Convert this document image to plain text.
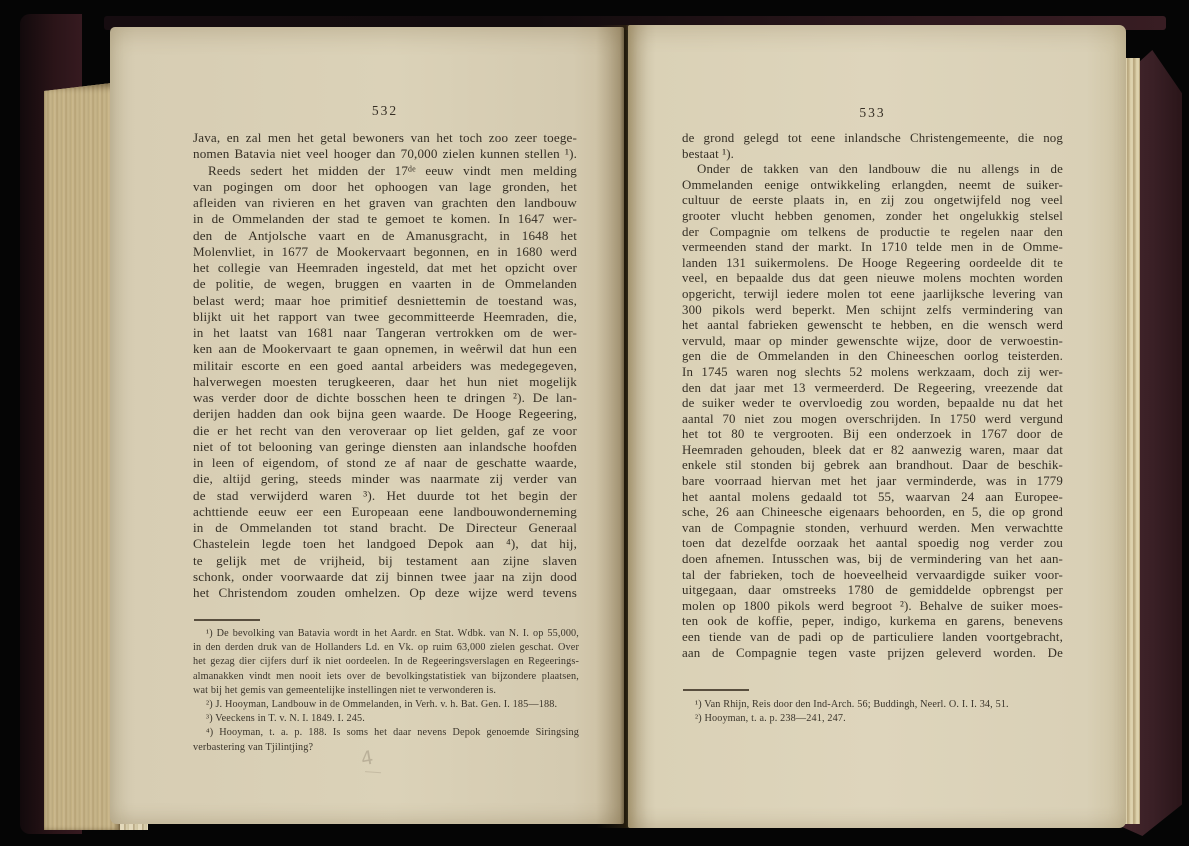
532
Java, en zal men het getal bewoners van het toch zoo zeer toege-
nomen Batavia niet veel hooger dan 70,000 zielen kunnen stellen ¹).
Reeds sedert het midden der 17ᵈᵉ eeuw vindt men melding
van pogingen om door het ophoogen van lage gronden, het
afleiden van rivieren en het graven van grachten den landbouw
in de Ommelanden der stad te gemoet te komen. In 1647 wer-
den de Antjolsche vaart en de Amanusgracht, in 1648 het
Molenvliet, in 1677 de Mookervaart begonnen, en in 1680 werd
het collegie van Heemraden ingesteld, dat met het opzicht over
de politie, de wegen, bruggen en vaarten in de Ommelanden
belast werd; maar hoe primitief desniettemin de toestand was,
blijkt uit het rapport van twee gecommitteerde Heemraden, die,
in het laatst van 1681 naar Tangeran vertrokken om de wer-
ken aan de Mookervaart te gaan opnemen, in weêrwil dat hun een
militair escorte en een goed aantal arbeiders was medegegeven,
halverwegen moesten terugkeeren, daar het hun niet mogelijk
was verder door de dichte bosschen heen te dringen ²). De lan-
derijen hadden dan ook bijna geen waarde. De Hooge Regeering,
die er het recht van den veroveraar op liet gelden, gaf ze voor
niet of tot belooning van geringe diensten aan inlandsche hoofden
in leen of eigendom, of stond ze af naar de geschatte waarde,
die, altijd gering, steeds minder was naarmate zij verder van
de stad verwijderd waren ³). Het duurde tot het begin der
achttiende eeuw eer een Europeaan eene landbouwonderneming
in de Ommelanden tot stand bracht. De Directeur Generaal
Chastelein legde toen het landgoed Depok aan ⁴), dat hij,
te gelijk met de vrijheid, bij testament aan zijne slaven
schonk, onder voorwaarde dat zij binnen twee jaar na zijn dood
het Christendom zouden omhelzen. Op deze wijze werd tevens
¹) De bevolking van Batavia wordt in het Aardr. en Stat. Wdbk. van N. I. op 55,000,
in den derden druk van de Hollanders Ld. en Vk. op ruim 63,000 zielen geschat. Over
het gezag dier cijfers durf ik niet oordeelen. In de Regeeringsverslagen en Regeerings-
almanakken vindt men nooit iets over de bevolkingstatistiek van bijzondere plaatsen,
wat bij het gemis van gemeentelijke instellingen niet te verwonderen is.
²) J. Hooyman, Landbouw in de Ommelanden, in Verh. v. h. Bat. Gen. I. 185—188.
³) Veeckens in T. v. N. I. 1849. I. 245.
⁴) Hooyman, t. a. p. 188. Is soms het daar nevens Depok genoemde Siringsing
verbastering van Tjilintjing?	4
533
de grond gelegd tot eene inlandsche Christengemeente, die nog
bestaat ¹).
Onder de takken van den landbouw die nu allengs in de
Ommelanden eenige ontwikkeling erlangden, neemt de suiker-
cultuur de eerste plaats in, en zij zou ongetwijfeld nog veel
grooter vlucht hebben genomen, zonder het ongelukkig stelsel
der Compagnie om telkens de productie te regelen naar den
vermeenden stand der markt. In 1710 telde men in de Omme-
landen 131 suikermolens. De Hooge Regeering oordeelde dit te
veel, en bepaalde dus dat geen nieuwe molens mochten worden
opgericht, terwijl iedere molen tot eene jaarlijksche levering van
300 pikols werd beperkt. Men schijnt zelfs vermindering van
het aantal fabrieken gewenscht te hebben, en die wensch werd
vervuld, maar op minder gewenschte wijze, door de verwoestin-
gen die de Ommelanden in den Chineeschen oorlog teisterden.
In 1745 waren nog slechts 52 molens werkzaam, doch zij wer-
den dat jaar met 13 vermeerderd. De Regeering, vreezende dat
de suiker weder te overvloedig zou worden, bepaalde nu dat het
aantal 70 niet zou mogen overschrijden. In 1750 werd vergund
het tot 80 te vergrooten. Bij een onderzoek in 1767 door de
Heemraden gehouden, bleek dat er 82 aanwezig waren, maar dat
enkele stil stonden bij gebrek aan brandhout. Daar de beschik-
bare voorraad hiervan met het jaar verminderde, was in 1779
het aantal molens gedaald tot 55, waarvan 24 aan Europee-
sche, 26 aan Chineesche eigenaars behoorden, en 5, die op grond
van de Compagnie stonden, verhuurd werden. Men verwachtte
toen dat dezelfde oorzaak het aantal spoedig nog verder zou
doen afnemen. Intusschen was, bij de vermindering van het aan-
tal der fabrieken, toch de hoeveelheid vervaardigde suiker voor-
uitgegaan, daar omstreeks 1780 de gemiddelde opbrengst per
molen op 1800 pikols werd begroot ²). Behalve de suiker moes-
ten ook de koffie, peper, indigo, kurkema en garens, benevens
een tiende van de padi op de particuliere landen voortgebracht,
aan de Compagnie tegen vaste prijzen geleverd worden. De
¹) Van Rhijn, Reis door den Ind-Arch. 56; Buddingh, Neerl. O. I. I. 34, 51.
²) Hooyman, t. a. p. 238—241, 247.
